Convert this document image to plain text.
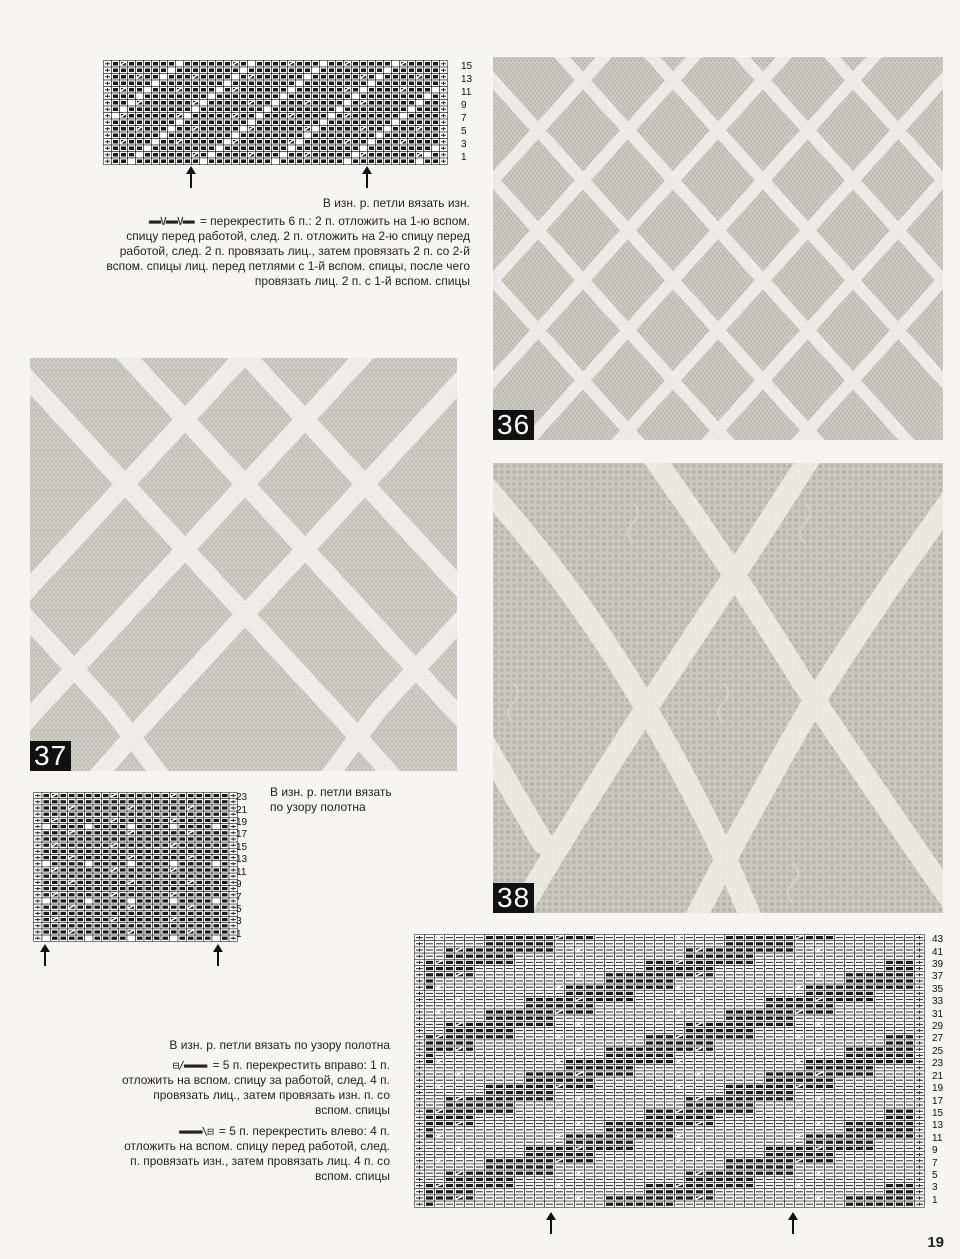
15
13
11
9
7
5
3
1
В изн. р. петли вязать изн.
▬▬V▬▬V▬▬ = перекрестить 6 п.: 2 п. отложить на 1-ю вспом.
спицу перед работой, след. 2 п. отложить на 2-ю спицу перед
работой, след. 2 п. провязать лиц., затем провязать 2 п. со 2-й
вспом. спицы лиц. перед петлями с 1-й вспом. спицы, после чего
провязать лиц. 2 п. с 1-й вспом. спицы
36
37
23
21
19
17
15
13
11
9
7
5
3
1
В изн. р. петли вязать
по узору полотна
38
В изн. р. петли вязать по узору полотна
⊟/▬▬▬▬ = 5 п. перекрестить вправо: 1 п.
отложить на вспом. спицу за работой, след. 4 п.
провязать лиц., затем провязать изн. п. со
вспом. спицы
▬▬▬▬\⊟ = 5 п. перекрестить влево: 4 п.
отложить на вспом. спицу перед работой, след.
п. провязать изн., затем провязать лиц. 4 п. со
вспом. спицы
43
41
39
37
35
33
31
29
27
25
23
21
19
17
15
13
11
9
7
5
3
1
19
